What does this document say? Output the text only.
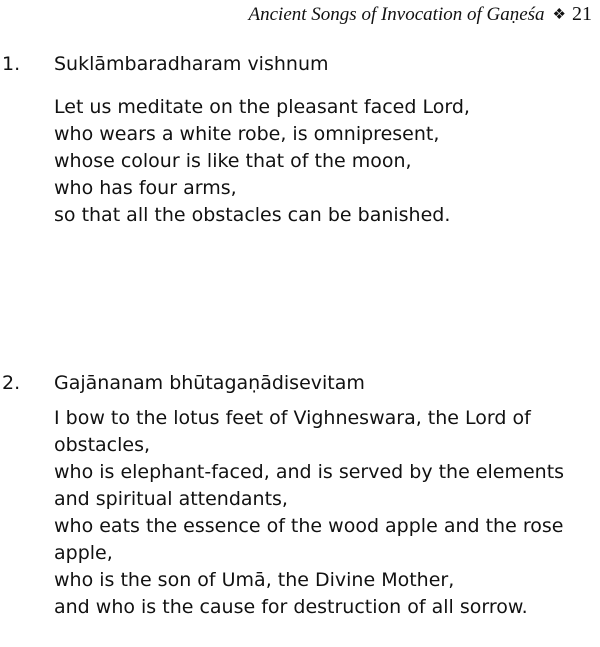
Ancient Songs of Invocation of Gaṇeśa ❖ 21
1. Suklāmbaradharam vishnum
Let us meditate on the pleasant faced Lord,
who wears a white robe, is omnipresent,
whose colour is like that of the moon,
who has four arms,
so that all the obstacles can be banished.
2. Gajānanam bhūtagaṇādisevitam
I bow to the lotus feet of Vighneswara, the Lord of
obstacles,
who is elephant-faced, and is served by the elements
and spiritual attendants,
who eats the essence of the wood apple and the rose
apple,
who is the son of Umā, the Divine Mother,
and who is the cause for destruction of all sorrow.
